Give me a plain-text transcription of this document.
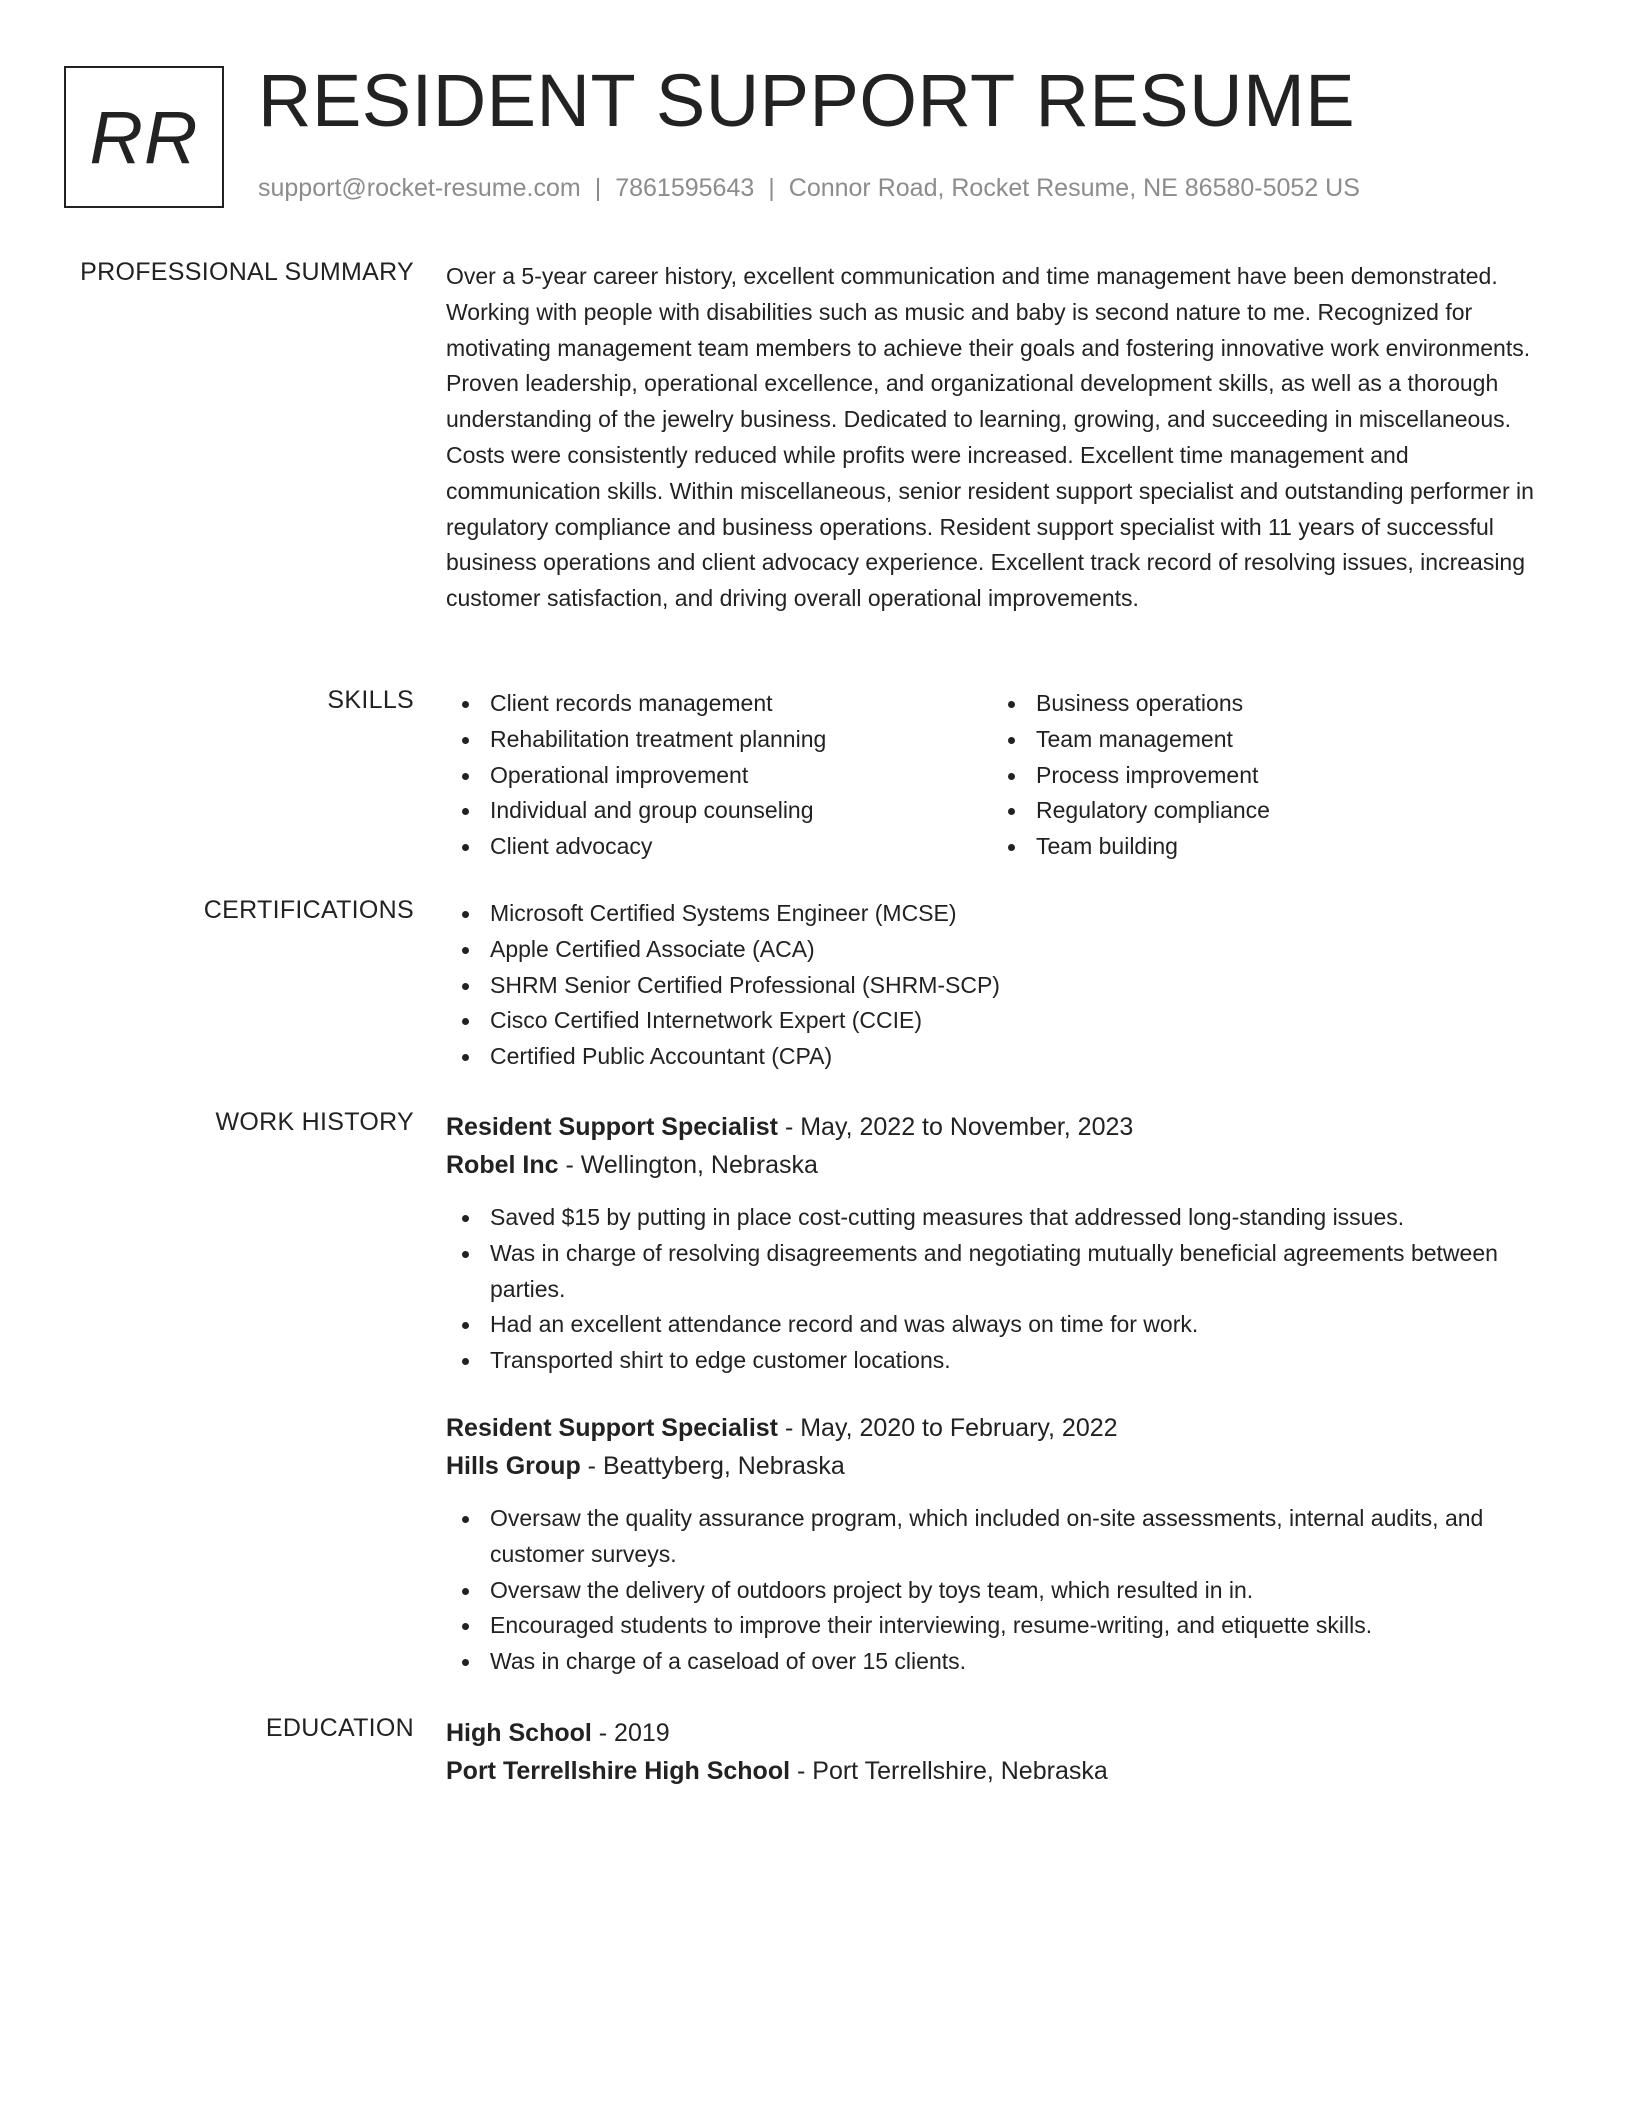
RR RESIDENT SUPPORT RESUME
support@rocket-resume.com | 7861595643 | Connor Road, Rocket Resume, NE 86580-5052 US
PROFESSIONAL SUMMARY Over a 5-year career history, excellent communication and time management have been demonstrated. Working with people with disabilities such as music and baby is second nature to me. Recognized for motivating management team members to achieve their goals and fostering innovative work environments. Proven leadership, operational excellence, and organizational development skills, as well as a thorough understanding of the jewelry business. Dedicated to learning, growing, and succeeding in miscellaneous. Costs were consistently reduced while profits were increased. Excellent time management and communication skills. Within miscellaneous, senior resident support specialist and outstanding performer in regulatory compliance and business operations. Resident support specialist with 11 years of successful business operations and client advocacy experience. Excellent track record of resolving issues, increasing customer satisfaction, and driving overall operational improvements.
SKILLS	Client records management
Rehabilitation treatment planning
Operational improvement
Individual and group counseling
Client advocacy
Business operations
Team management
Process improvement
Regulatory compliance
Team building
CERTIFICATIONS	Microsoft Certified Systems Engineer (MCSE)
Apple Certified Associate (ACA)
SHRM Senior Certified Professional (SHRM-SCP)
Cisco Certified Internetwork Expert (CCIE)
Certified Public Accountant (CPA)
WORK HISTORY Resident Support Specialist - May, 2022 to November, 2023
Robel Inc - Wellington, Nebraska
Saved $15 by putting in place cost-cutting measures that addressed long-standing issues.
Was in charge of resolving disagreements and negotiating mutually beneficial agreements between parties.
Had an excellent attendance record and was always on time for work.
Transported shirt to edge customer locations.
Resident Support Specialist - May, 2020 to February, 2022
Hills Group - Beattyberg, Nebraska
Oversaw the quality assurance program, which included on-site assessments, internal audits, and customer surveys.
Oversaw the delivery of outdoors project by toys team, which resulted in in.
Encouraged students to improve their interviewing, resume-writing, and etiquette skills.
Was in charge of a caseload of over 15 clients.
EDUCATION High School - 2019
Port Terrellshire High School - Port Terrellshire, Nebraska
